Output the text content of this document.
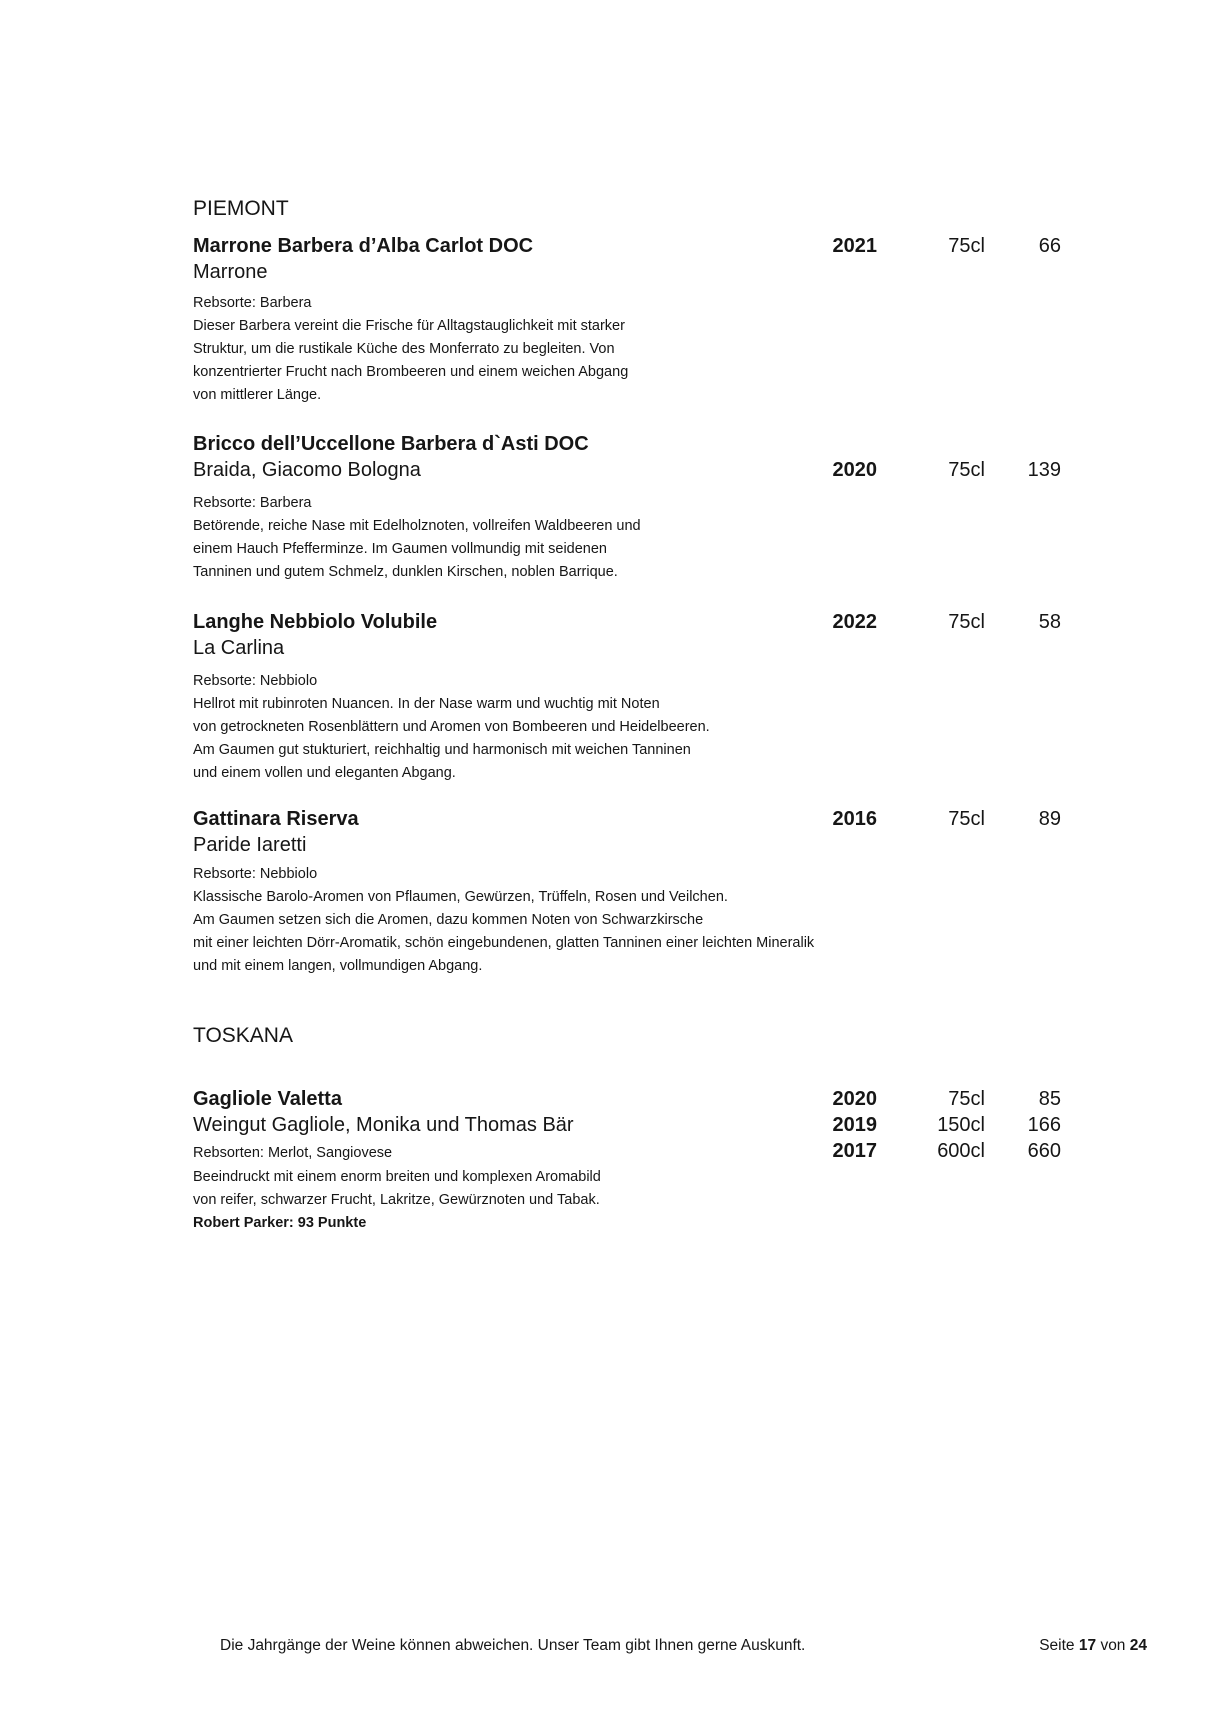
PIEMONT
Marrone Barbera d’Alba Carlot DOC	2021	75cl	66
Marrone
Rebsorte: Barbera
Dieser Barbera vereint die Frische für Alltagstauglichkeit mit starker
Struktur, um die rustikale Küche des Monferrato zu begleiten. Von
konzentrierter Frucht nach Brombeeren und einem weichen Abgang
von mittlerer Länge.
Bricco dell’Uccellone Barbera d`Asti DOC
Braida, Giacomo Bologna	2020	75cl	139
Rebsorte: Barbera
Betörende, reiche Nase mit Edelholznoten, vollreifen Waldbeeren und
einem Hauch Pfefferminze. Im Gaumen vollmundig mit seidenen
Tanninen und gutem Schmelz, dunklen Kirschen, noblen Barrique.
Langhe Nebbiolo Volubile	2022	75cl	58
La Carlina
Rebsorte: Nebbiolo
Hellrot mit rubinroten Nuancen. In der Nase warm und wuchtig mit Noten
von getrockneten Rosenblättern und Aromen von Bombeeren und Heidelbeeren.
Am Gaumen gut stukturiert, reichhaltig und harmonisch mit weichen Tanninen
und einem vollen und eleganten Abgang.
Gattinara Riserva	2016	75cl	89
Paride Iaretti
Rebsorte: Nebbiolo
Klassische Barolo-Aromen von Pflaumen, Gewürzen, Trüffeln, Rosen und Veilchen.
Am Gaumen setzen sich die Aromen, dazu kommen Noten von Schwarzkirsche
mit einer leichten Dörr-Aromatik, schön eingebundenen, glatten Tanninen einer leichten Mineralik
und mit einem langen, vollmundigen Abgang.
TOSKANA
Gagliole Valetta	2020	75cl	85
Weingut Gagliole, Monika und Thomas Bär	2019	150cl	166
Rebsorten: Merlot, Sangiovese	2017	600cl	660
Beeindruckt mit einem enorm breiten und komplexen Aromabild
von reifer, schwarzer Frucht, Lakritze, Gewürznoten und Tabak.
Robert Parker: 93 Punkte
Die Jahrgänge der Weine können abweichen. Unser Team gibt Ihnen gerne Auskunft.	Seite 17 von 24
